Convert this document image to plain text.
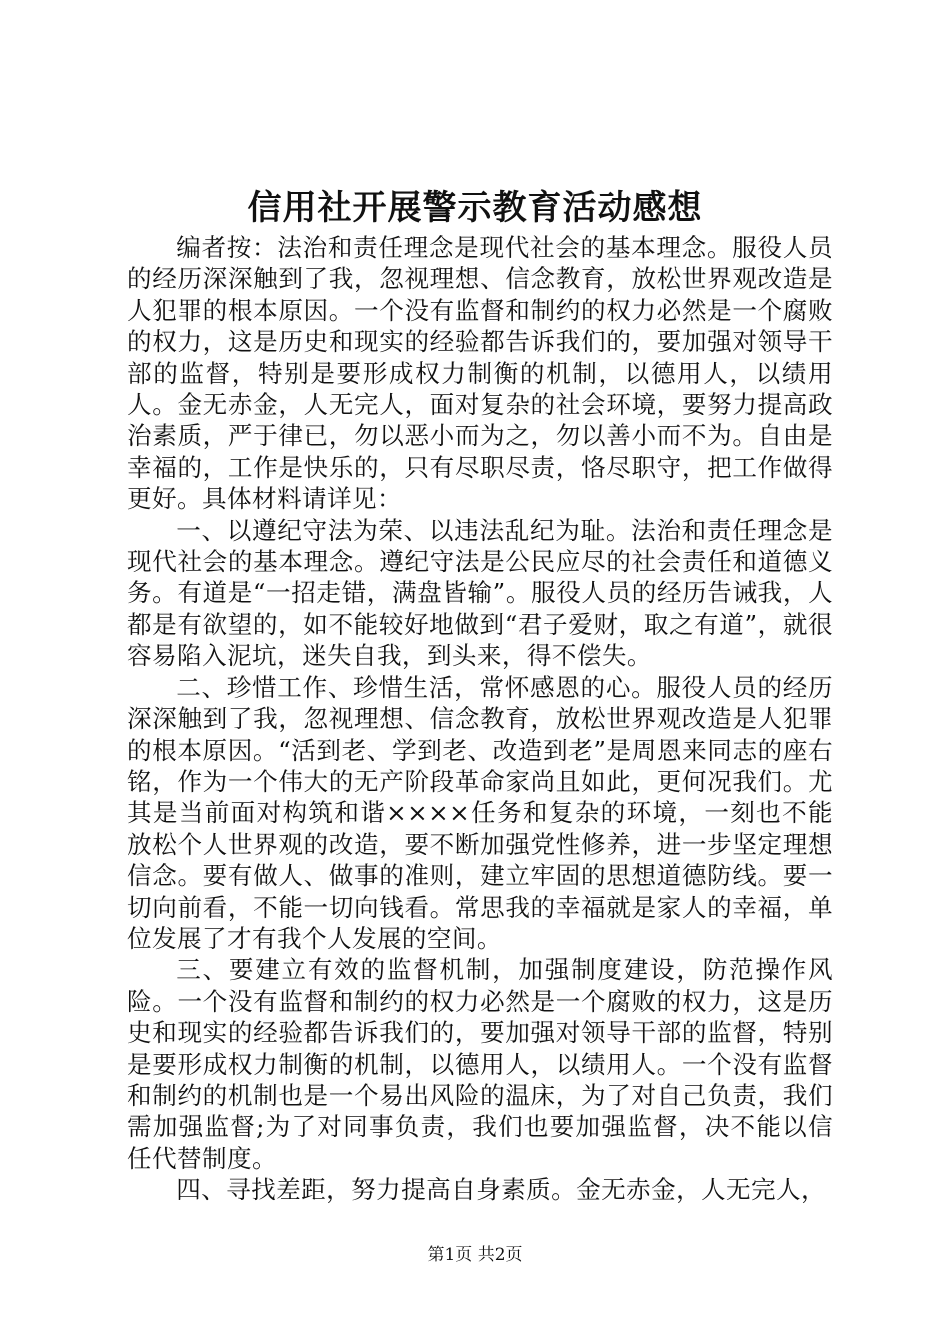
信用社开展警示教育活动感想

编者按：法治和责任理念是现代社会的基本理念。服役人员的经历深深触到了我，忽视理想、信念教育，放松世界观改造是人犯罪的根本原因。一个没有监督和制约的权力必然是一个腐败的权力，这是历史和现实的经验都告诉我们的，要加强对领导干部的监督，特别是要形成权力制衡的机制，以德用人，以绩用人。金无赤金，人无完人，面对复杂的社会环境，要努力提高政治素质，严于律已，勿以恶小而为之，勿以善小而不为。自由是幸福的，工作是快乐的，只有尽职尽责，恪尽职守，把工作做得更好。具体材料请详见：

一、以遵纪守法为荣、以违法乱纪为耻。法治和责任理念是现代社会的基本理念。遵纪守法是公民应尽的社会责任和道德义务。有道是“一招走错，满盘皆输”。服役人员的经历告诫我，人都是有欲望的，如不能较好地做到“君子爱财，取之有道”，就很容易陷入泥坑，迷失自我，到头来，得不偿失。

二、珍惜工作、珍惜生活，常怀感恩的心。服役人员的经历深深触到了我，忽视理想、信念教育，放松世界观改造是人犯罪的根本原因。“活到老、学到老、改造到老”是周恩来同志的座右铭，作为一个伟大的无产阶段革命家尚且如此，更何况我们。尤其是当前面对构筑和谐××××任务和复杂的环境，一刻也不能放松个人世界观的改造，要不断加强党性修养，进一步坚定理想信念。要有做人、做事的准则，建立牢固的思想道德防线。要一切向前看，不能一切向钱看。常思我的幸福就是家人的幸福，单位发展了才有我个人发展的空间。

三、要建立有效的监督机制，加强制度建设，防范操作风险。一个没有监督和制约的权力必然是一个腐败的权力，这是历史和现实的经验都告诉我们的，要加强对领导干部的监督，特别是要形成权力制衡的机制，以德用人，以绩用人。一个没有监督和制约的机制也是一个易出风险的温床，为了对自己负责，我们需加强监督;为了对同事负责，我们也要加强监督，决不能以信任代替制度。

四、寻找差距，努力提高自身素质。金无赤金，人无完人，

第1页 共2页
